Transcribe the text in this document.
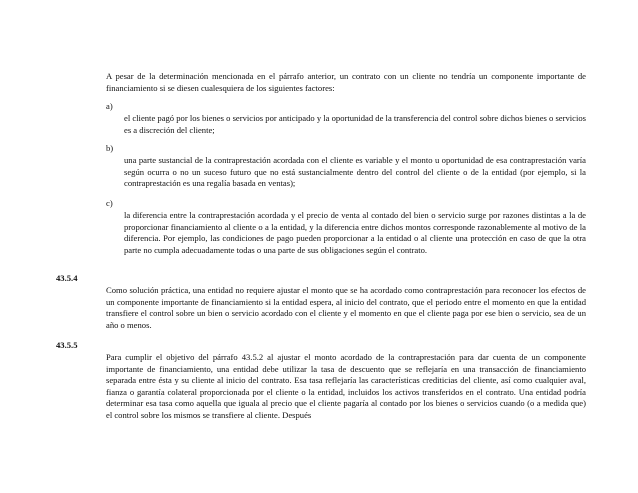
A pesar de la determinación mencionada en el párrafo anterior, un contrato con un cliente no tendría un componente importante de financiamiento si se diesen cualesquiera de los siguientes factores:

a)

el cliente pagó por los bienes o servicios por anticipado y la oportunidad de la transferencia del control sobre dichos bienes o servicios es a discreción del cliente;

b)

una parte sustancial de la contraprestación acordada con el cliente es variable y el monto u oportunidad de esa contraprestación varía según ocurra o no un suceso futuro que no está sustancialmente dentro del control del cliente o de la entidad (por ejemplo, si la contraprestación es una regalía basada en ventas);

c)

la diferencia entre la contraprestación acordada y el precio de venta al contado del bien o servicio surge por razones distintas a la de proporcionar financiamiento al cliente o a la entidad, y la diferencia entre dichos montos corresponde razonablemente al motivo de la diferencia. Por ejemplo, las condiciones de pago pueden proporcionar a la entidad o al cliente una protección en caso de que la otra parte no cumpla adecuadamente todas o una parte de sus obligaciones según el contrato.

43.5.4

Como solución práctica, una entidad no requiere ajustar el monto que se ha acordado como contraprestación para reconocer los efectos de un componente importante de financiamiento si la entidad espera, al inicio del contrato, que el periodo entre el momento en que la entidad transfiere el control sobre un bien o servicio acordado con el cliente y el momento en que el cliente paga por ese bien o servicio, sea de un año o menos.

43.5.5

Para cumplir el objetivo del párrafo 43.5.2 al ajustar el monto acordado de la contraprestación para dar cuenta de un componente importante de financiamiento, una entidad debe utilizar la tasa de descuento que se reflejaría en una transacción de financiamiento separada entre ésta y su cliente al inicio del contrato. Esa tasa reflejaría las características crediticias del cliente, así como cualquier aval, fianza o garantía colateral proporcionada por el cliente o la entidad, incluidos los activos transferidos en el contrato. Una entidad podría determinar esa tasa como aquella que iguala al precio que el cliente pagaría al contado por los bienes o servicios cuando (o a medida que) el control sobre los mismos se transfiere al cliente. Después
